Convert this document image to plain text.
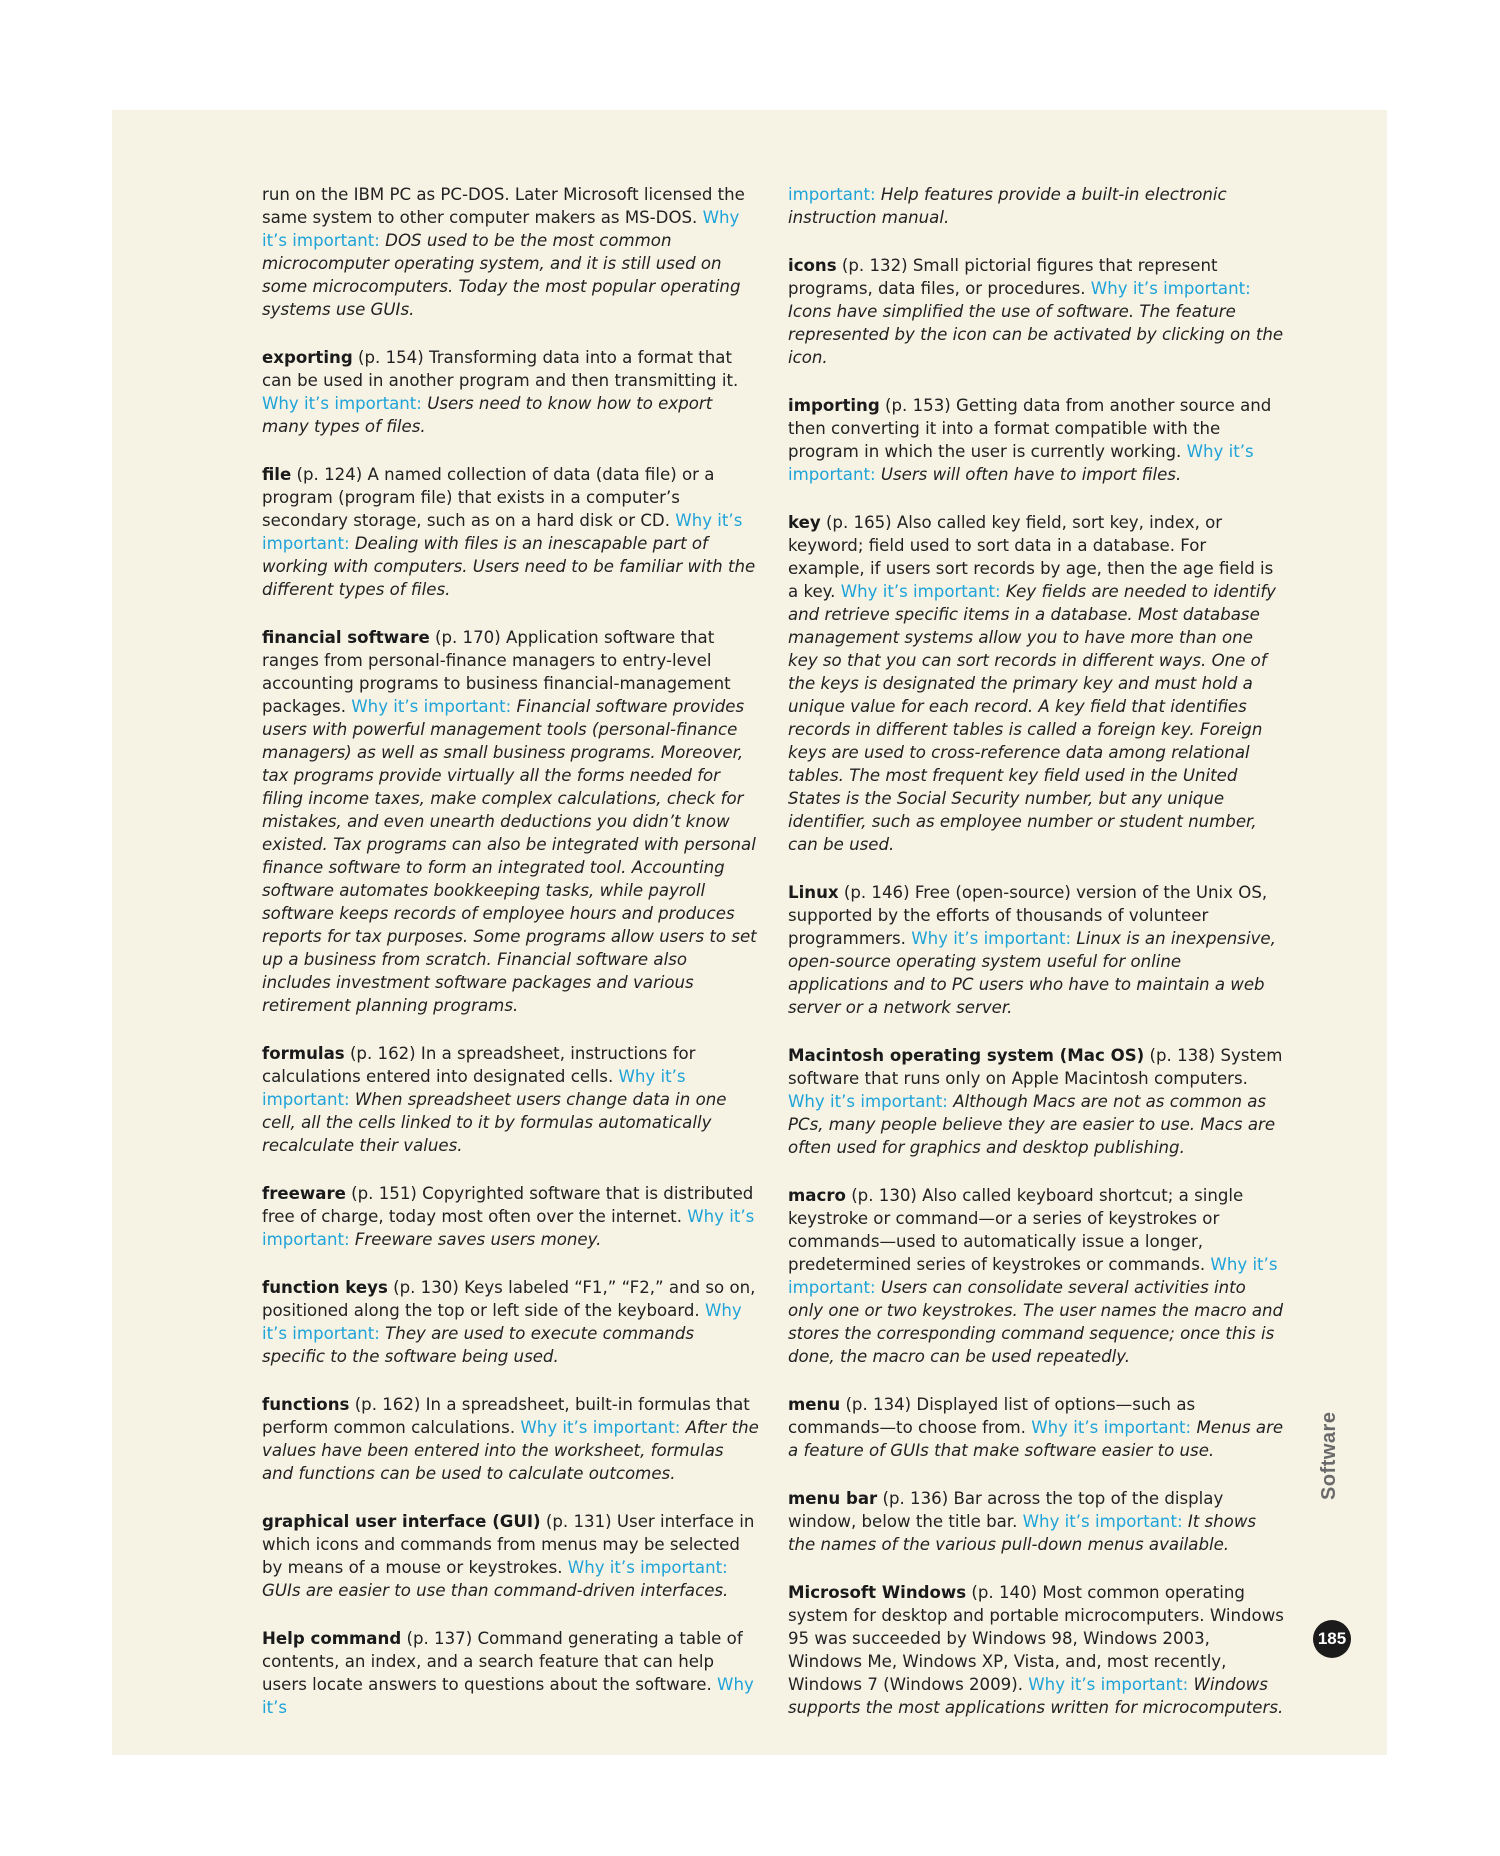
run on the IBM PC as PC-DOS. Later Microsoft licensed the same system to other computer makers as MS-DOS. Why it’s important: DOS used to be the most common microcomputer operating system, and it is still used on some microcomputers. Today the most popular operating systems use GUIs.

exporting (p. 154) Transforming data into a format that can be used in another program and then transmitting it. Why it’s important: Users need to know how to export many types of files.

file (p. 124) A named collection of data (data file) or a program (program file) that exists in a computer’s secondary storage, such as on a hard disk or CD. Why it’s important: Dealing with files is an inescapable part of working with computers. Users need to be familiar with the different types of files.

financial software (p. 170) Application software that ranges from personal-finance managers to entry-level accounting programs to business financial-management packages. Why it’s important: Financial software provides users with powerful management tools (personal-finance managers) as well as small business programs. Moreover, tax programs provide virtually all the forms needed for filing income taxes, make complex calculations, check for mistakes, and even unearth deductions you didn’t know existed. Tax programs can also be integrated with personal finance software to form an integrated tool. Accounting software automates bookkeeping tasks, while payroll software keeps records of employee hours and produces reports for tax purposes. Some programs allow users to set up a business from scratch. Financial software also includes investment software packages and various retirement planning programs.

formulas (p. 162) In a spreadsheet, instructions for calculations entered into designated cells. Why it’s important: When spreadsheet users change data in one cell, all the cells linked to it by formulas automatically recalculate their values.

freeware (p. 151) Copyrighted software that is distributed free of charge, today most often over the internet. Why it’s important: Freeware saves users money.

function keys (p. 130) Keys labeled “F1,” “F2,” and so on, positioned along the top or left side of the keyboard. Why it’s important: They are used to execute commands specific to the software being used.

functions (p. 162) In a spreadsheet, built-in formulas that perform common calculations. Why it’s important: After the values have been entered into the worksheet, formulas and functions can be used to calculate outcomes.

graphical user interface (GUI) (p. 131) User interface in which icons and commands from menus may be selected by means of a mouse or keystrokes. Why it’s important: GUIs are easier to use than command-driven interfaces.

Help command (p. 137) Command generating a table of contents, an index, and a search feature that can help users locate answers to questions about the software. Why it’s

important: Help features provide a built-in electronic instruction manual.

icons (p. 132) Small pictorial figures that represent programs, data files, or procedures. Why it’s important: Icons have simplified the use of software. The feature represented by the icon can be activated by clicking on the icon.

importing (p. 153) Getting data from another source and then converting it into a format compatible with the program in which the user is currently working. Why it’s important: Users will often have to import files.

key (p. 165) Also called key field, sort key, index, or keyword; field used to sort data in a database. For example, if users sort records by age, then the age field is a key. Why it’s important: Key fields are needed to identify and retrieve specific items in a database. Most database management systems allow you to have more than one key so that you can sort records in different ways. One of the keys is designated the primary key and must hold a unique value for each record. A key field that identifies records in different tables is called a foreign key. Foreign keys are used to cross-reference data among relational tables. The most frequent key field used in the United States is the Social Security number, but any unique identifier, such as employee number or student number, can be used.

Linux (p. 146) Free (open-source) version of the Unix OS, supported by the efforts of thousands of volunteer programmers. Why it’s important: Linux is an inexpensive, open-source operating system useful for online applications and to PC users who have to maintain a web server or a network server.

Macintosh operating system (Mac OS) (p. 138) System software that runs only on Apple Macintosh computers. Why it’s important: Although Macs are not as common as PCs, many people believe they are easier to use. Macs are often used for graphics and desktop publishing.

macro (p. 130) Also called keyboard shortcut; a single keystroke or command—or a series of keystrokes or commands—used to automatically issue a longer, predetermined series of keystrokes or commands. Why it’s important: Users can consolidate several activities into only one or two keystrokes. The user names the macro and stores the corresponding command sequence; once this is done, the macro can be used repeatedly.

menu (p. 134) Displayed list of options—such as commands—to choose from. Why it’s important: Menus are a feature of GUIs that make software easier to use.

menu bar (p. 136) Bar across the top of the display window, below the title bar. Why it’s important: It shows the names of the various pull-down menus available.

Microsoft Windows (p. 140) Most common operating system for desktop and portable microcomputers. Windows 95 was succeeded by Windows 98, Windows 2003, Windows Me, Windows XP, Vista, and, most recently, Windows 7 (Windows 2009). Why it’s important: Windows supports the most applications written for microcomputers.

Software
185
